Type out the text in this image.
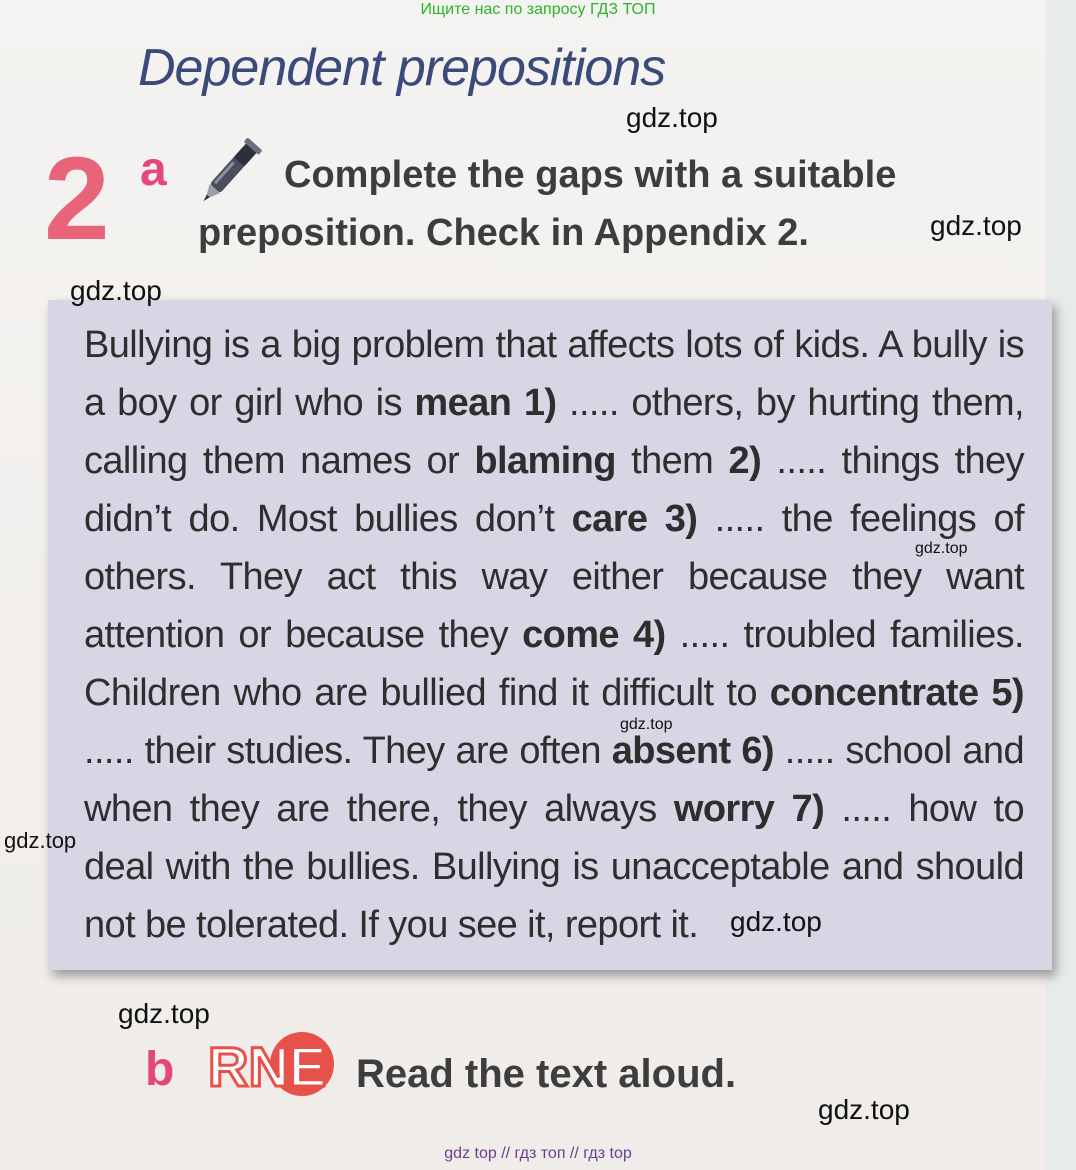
Ищите нас по запросу ГДЗ ТОП
Dependent prepositions
2 a	Complete the gaps with a suitable
preposition. Check in Appendix 2.
Bullying is a big problem that affects lots of kids. A bully is a boy or girl who is mean 1) ..... others, by hurting them, calling them names or blaming them 2) ..... things they didn’t do. Most bullies don’t care 3) ..... the feelings of others. They act this way either because they want attention or because they come 4) ..... troubled families. Children who are bullied find it difficult to concentrate 5) ..... their studies. They are often absent 6) ..... school and when they are there, they always worry 7) ..... how to deal with the bullies. Bullying is unacceptable and should not be tolerated. If you see it, report it.
b RNE Read the text aloud.
gdz.top
gdz.top
gdz.top
gdz.top
gdz.top
gdz.top
gdz.top
gdz.top
gdz.top
gdz top // гдз топ // гдз top
